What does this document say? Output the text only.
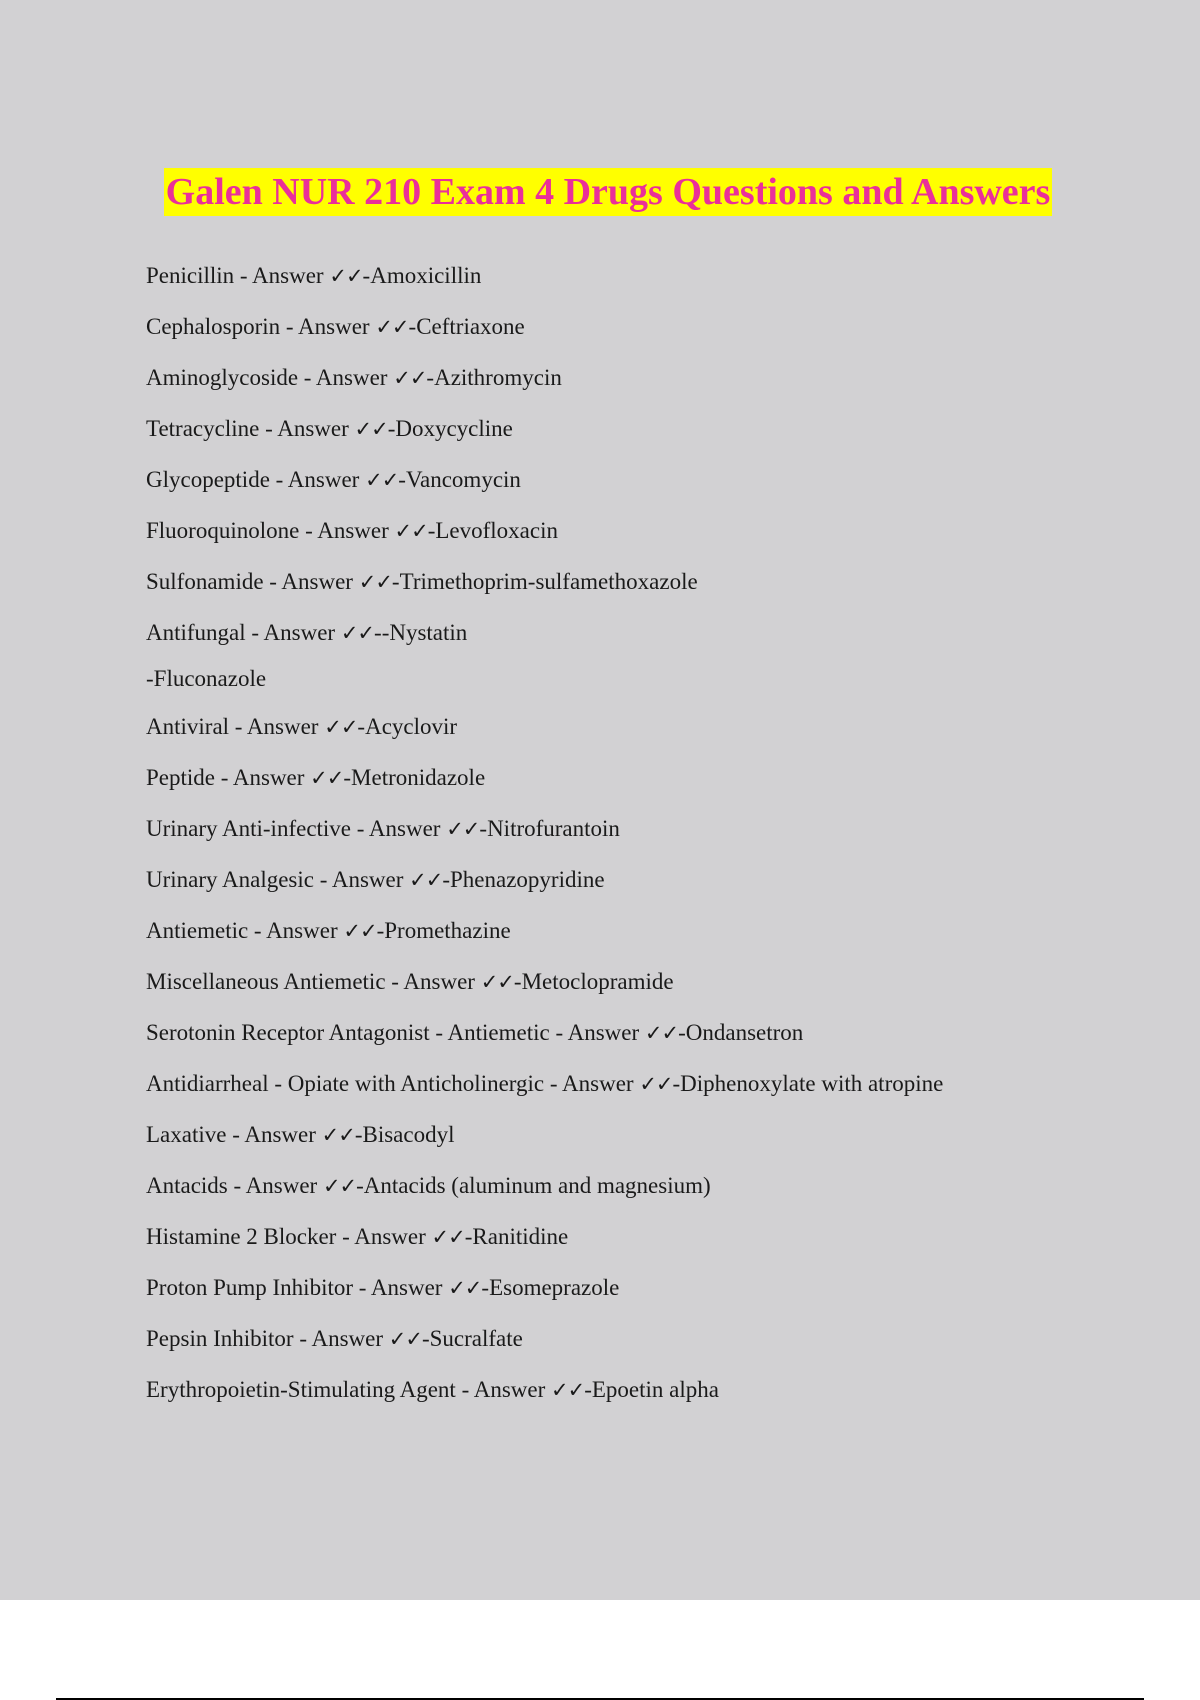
Galen NUR 210 Exam 4 Drugs Questions and Answers
Penicillin - Answer ✓✓-Amoxicillin
Cephalosporin - Answer ✓✓-Ceftriaxone
Aminoglycoside - Answer ✓✓-Azithromycin
Tetracycline - Answer ✓✓-Doxycycline
Glycopeptide - Answer ✓✓-Vancomycin
Fluoroquinolone - Answer ✓✓-Levofloxacin
Sulfonamide - Answer ✓✓-Trimethoprim-sulfamethoxazole
Antifungal - Answer ✓✓--Nystatin
-Fluconazole
Antiviral - Answer ✓✓-Acyclovir
Peptide - Answer ✓✓-Metronidazole
Urinary Anti-infective - Answer ✓✓-Nitrofurantoin
Urinary Analgesic - Answer ✓✓-Phenazopyridine
Antiemetic - Answer ✓✓-Promethazine
Miscellaneous Antiemetic - Answer ✓✓-Metoclopramide
Serotonin Receptor Antagonist - Antiemetic - Answer ✓✓-Ondansetron
Antidiarrheal - Opiate with Anticholinergic - Answer ✓✓-Diphenoxylate with atropine
Laxative - Answer ✓✓-Bisacodyl
Antacids - Answer ✓✓-Antacids (aluminum and magnesium)
Histamine 2 Blocker - Answer ✓✓-Ranitidine
Proton Pump Inhibitor - Answer ✓✓-Esomeprazole
Pepsin Inhibitor - Answer ✓✓-Sucralfate
Erythropoietin-Stimulating Agent - Answer ✓✓-Epoetin alpha
